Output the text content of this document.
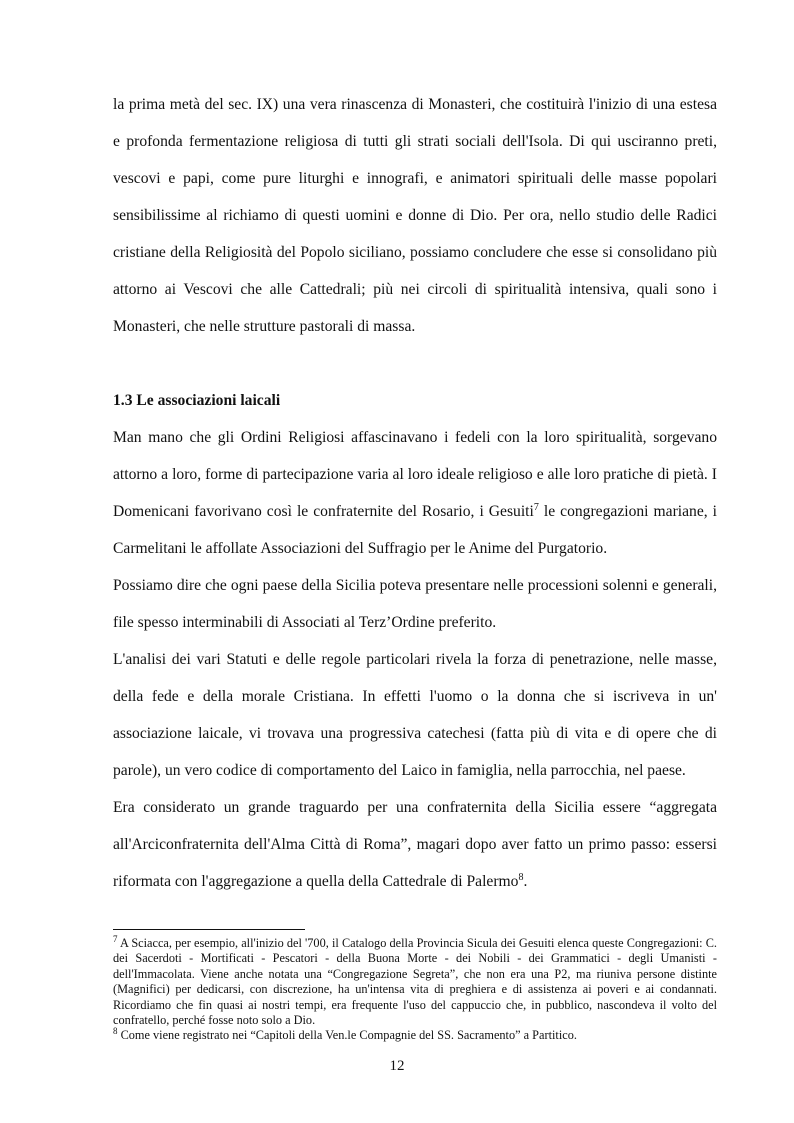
la prima metà del sec. IX) una vera rinascenza di Monasteri, che costituirà l'inizio di una estesa e profonda fermentazione religiosa di tutti gli strati sociali dell'Isola. Di qui usciranno preti, vescovi e papi, come pure liturghi e innografi, e animatori spirituali delle masse popolari sensibilissime al richiamo di questi uomini e donne di Dio. Per ora, nello studio delle Radici cristiane della Religiosità del Popolo siciliano, possiamo concludere che esse si consolidano più attorno ai Vescovi che alle Cattedrali; più nei circoli di spiritualità intensiva, quali sono i Monasteri, che nelle strutture pastorali di massa.

1.3 Le associazioni laicali

Man mano che gli Ordini Religiosi affascinavano i fedeli con la loro spiritualità, sorgevano attorno a loro, forme di partecipazione varia al loro ideale religioso e alle loro pratiche di pietà. I Domenicani favorivano così le confraternite del Rosario, i Gesuiti$^7$ le congregazioni mariane, i Carmelitani le affollate Associazioni del Suffragio per le Anime del Purgatorio.

Possiamo dire che ogni paese della Sicilia poteva presentare nelle processioni solenni e generali, file spesso interminabili di Associati al Terz’Ordine preferito.

L'analisi dei vari Statuti e delle regole particolari rivela la forza di penetrazione, nelle masse, della fede e della morale Cristiana. In effetti l'uomo o la donna che si iscriveva in un' associazione laicale, vi trovava una progressiva catechesi (fatta più di vita e di opere che di parole), un vero codice di comportamento del Laico in famiglia, nella parrocchia, nel paese.

Era considerato un grande traguardo per una confraternita della Sicilia essere “aggregata all'Arciconfraternita dell'Alma Città di Roma”, magari dopo aver fatto un primo passo: essersi riformata con l'aggregazione a quella della Cattedrale di Palermo$^8$.

$^7$ A Sciacca, per esempio, all'inizio del '700, il Catalogo della Provincia Sicula dei Gesuiti elenca queste Congregazioni: C. dei Sacerdoti - Mortificati - Pescatori - della Buona Morte - dei Nobili - dei Grammatici - degli Umanisti - dell'Immacolata. Viene anche notata una “Congregazione Segreta”, che non era una P2, ma riuniva persone distinte (Magnifici) per dedicarsi, con discrezione, ha un'intensa vita di preghiera e di assistenza ai poveri e ai condannati. Ricordiamo che fin quasi ai nostri tempi, era frequente l'uso del cappuccio che, in pubblico, nascondeva il volto del confratello, perché fosse noto solo a Dio.

$^8$ Come viene registrato nei “Capitoli della Ven.le Compagnie del SS. Sacramento” a Partitico.

12
